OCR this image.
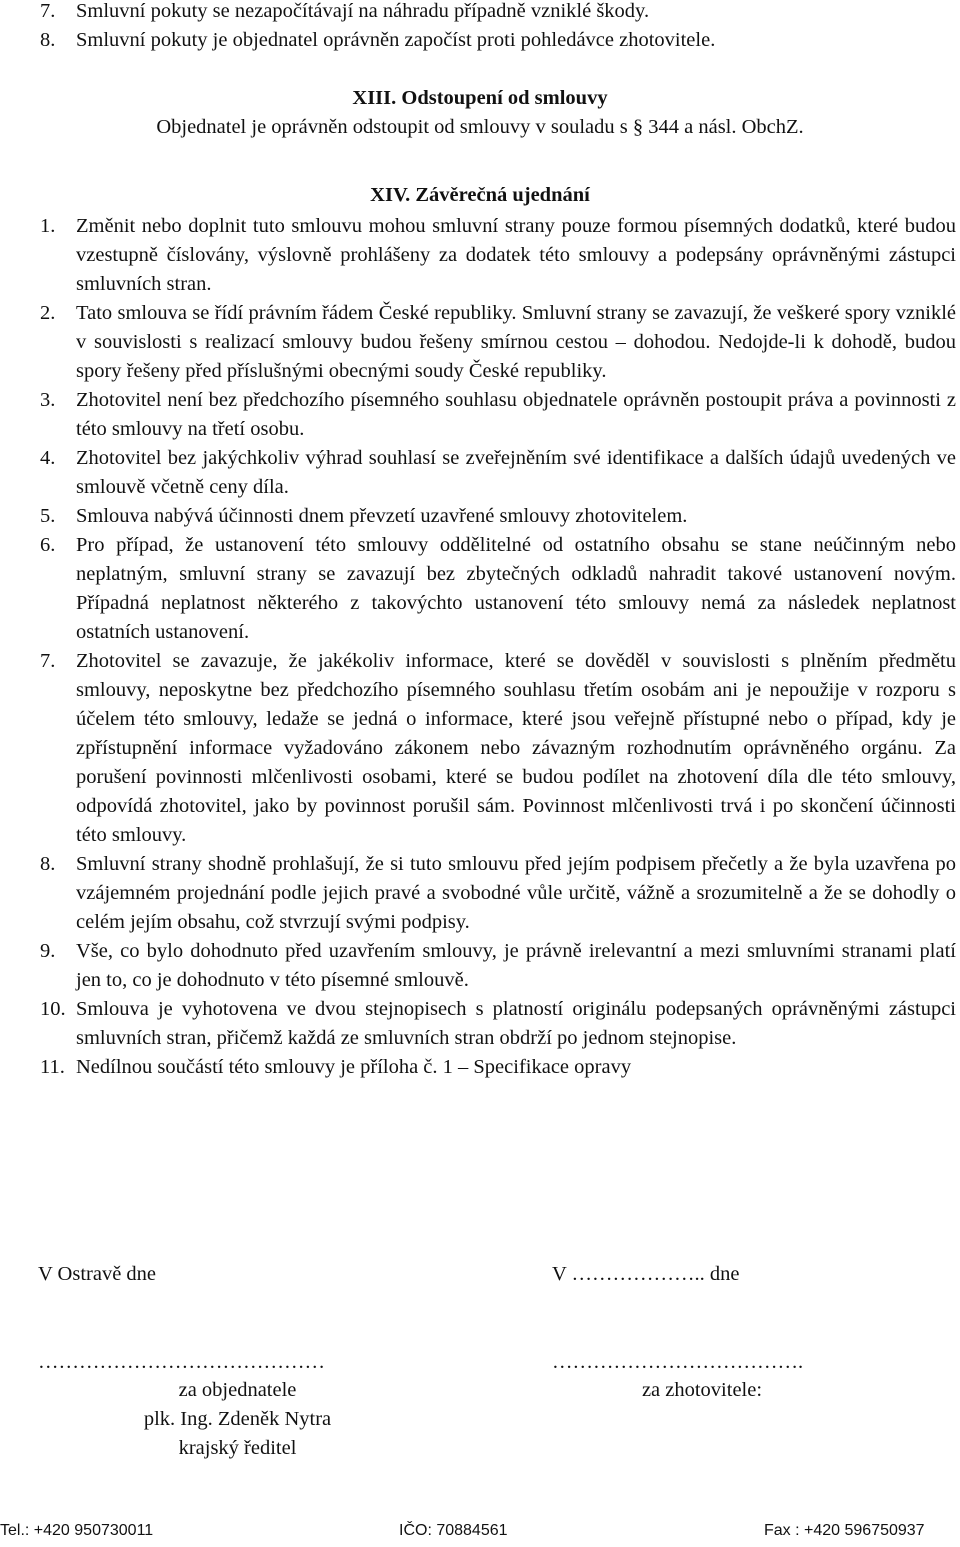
7.	Smluvní pokuty se nezapočítávají na náhradu případně vzniklé škody.
8.	Smluvní pokuty je objednatel oprávněn započíst proti pohledávce zhotovitele.
XIII. Odstoupení od smlouvy
Objednatel je oprávněn odstoupit od smlouvy v souladu s § 344 a násl. ObchZ.
XIV. Závěrečná ujednání
1.	Změnit nebo doplnit tuto smlouvu mohou smluvní strany pouze formou písemných dodatků, které budou vzestupně číslovány, výslovně prohlášeny za dodatek této smlouvy a podepsány oprávněnými zástupci smluvních stran.
2.	Tato smlouva se řídí právním řádem České republiky. Smluvní strany se zavazují, že veškeré spory vzniklé v souvislosti s realizací smlouvy budou řešeny smírnou cestou – dohodou. Nedojde-li k dohodě, budou spory řešeny před příslušnými obecnými soudy České republiky.
3.	Zhotovitel není bez předchozího písemného souhlasu objednatele oprávněn postoupit práva a povinnosti z této smlouvy na třetí osobu.
4.	Zhotovitel bez jakýchkoliv výhrad souhlasí se zveřejněním své identifikace a dalších údajů uvedených ve smlouvě včetně ceny díla.
5.	Smlouva nabývá účinnosti dnem převzetí uzavřené smlouvy zhotovitelem.
6.	Pro případ, že ustanovení této smlouvy oddělitelné od ostatního obsahu se stane neúčinným nebo neplatným, smluvní strany se zavazují bez zbytečných odkladů nahradit takové ustanovení novým. Případná neplatnost některého z takovýchto ustanovení této smlouvy nemá za následek neplatnost ostatních ustanovení.
7.	Zhotovitel se zavazuje, že jakékoliv informace, které se dověděl v souvislosti s plněním předmětu smlouvy, neposkytne bez předchozího písemného souhlasu třetím osobám ani je nepoužije v rozporu s účelem této smlouvy, ledaže se jedná o informace, které jsou veřejně přístupné nebo o případ, kdy je zpřístupnění informace vyžadováno zákonem nebo závazným rozhodnutím oprávněného orgánu. Za porušení povinnosti mlčenlivosti osobami, které se budou podílet na zhotovení díla dle této smlouvy, odpovídá zhotovitel, jako by povinnost porušil sám. Povinnost mlčenlivosti trvá i po skončení účinnosti této smlouvy.
8.	Smluvní strany shodně prohlašují, že si tuto smlouvu před jejím podpisem přečetly a že byla uzavřena po vzájemném projednání podle jejich pravé a svobodné vůle určitě, vážně a srozumitelně a že se dohodly o celém jejím obsahu, což stvrzují svými podpisy.
9.	Vše, co bylo dohodnuto před uzavřením smlouvy, je právně irelevantní a mezi smluvními stranami platí jen to, co je dohodnuto v této písemné smlouvě.
10. Smlouva je vyhotovena ve dvou stejnopisech s platností originálu podepsaných oprávněnými zástupci smluvních stran, přičemž každá ze smluvních stran obdrží po jednom stejnopise.
11. Nedílnou součástí této smlouvy je příloha č. 1 – Specifikace opravy
V Ostravě dne	V ……………….. dne
……………………………………	……………………………….
za objednatele	za zhotovitele:
plk. Ing. Zdeněk Nytra
krajský ředitel
Tel.: +420 950730011	IČO: 70884561	Fax : +420 596750937
